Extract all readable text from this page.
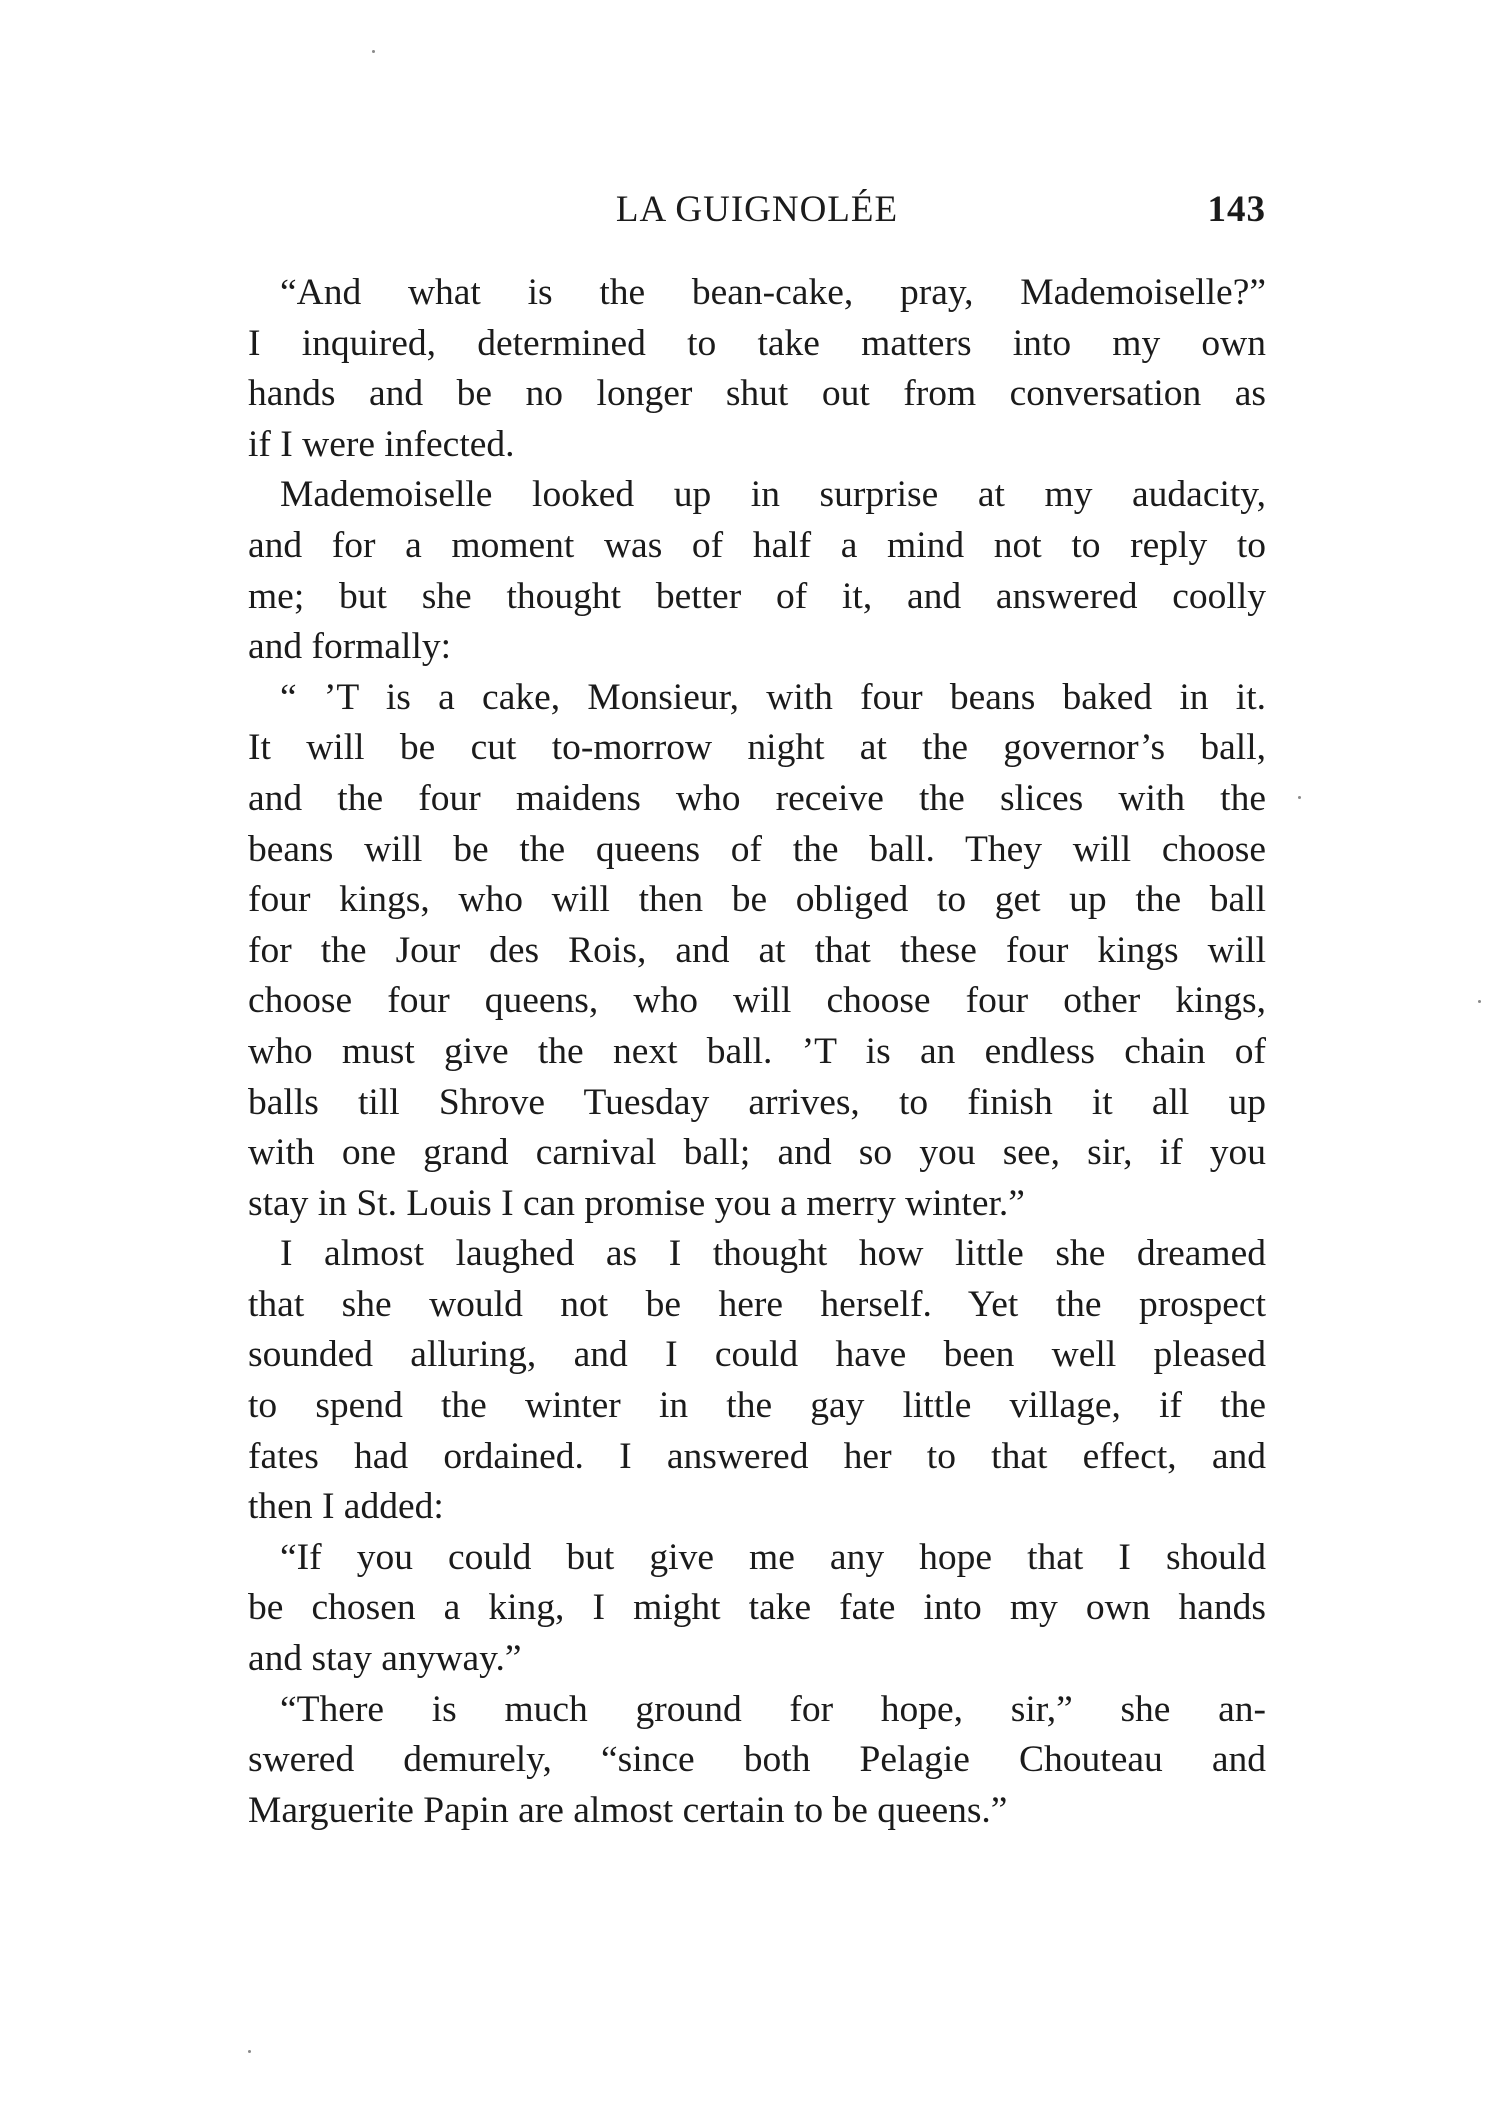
LA GUIGNOLÉE	143
“And what is the bean-cake, pray, Mademoiselle?”
I inquired, determined to take matters into my own
hands and be no longer shut out from conversation as
if I were infected.
Mademoiselle looked up in surprise at my audacity,
and for a moment was of half a mind not to reply to
me; but she thought better of it, and answered coolly
and formally:
“ ’T is a cake, Monsieur, with four beans baked in it.
It will be cut to-morrow night at the governor’s ball,
and the four maidens who receive the slices with the
beans will be the queens of the ball. They will choose
four kings, who will then be obliged to get up the ball
for the Jour des Rois, and at that these four kings will
choose four queens, who will choose four other kings,
who must give the next ball. ’T is an endless chain of
balls till Shrove Tuesday arrives, to finish it all up
with one grand carnival ball; and so you see, sir, if you
stay in St. Louis I can promise you a merry winter.”
I almost laughed as I thought how little she dreamed
that she would not be here herself. Yet the prospect
sounded alluring, and I could have been well pleased
to spend the winter in the gay little village, if the
fates had ordained. I answered her to that effect, and
then I added:
“If you could but give me any hope that I should
be chosen a king, I might take fate into my own hands
and stay anyway.”
“There is much ground for hope, sir,” she an-
swered demurely, “since both Pelagie Chouteau and
Marguerite Papin are almost certain to be queens.”
